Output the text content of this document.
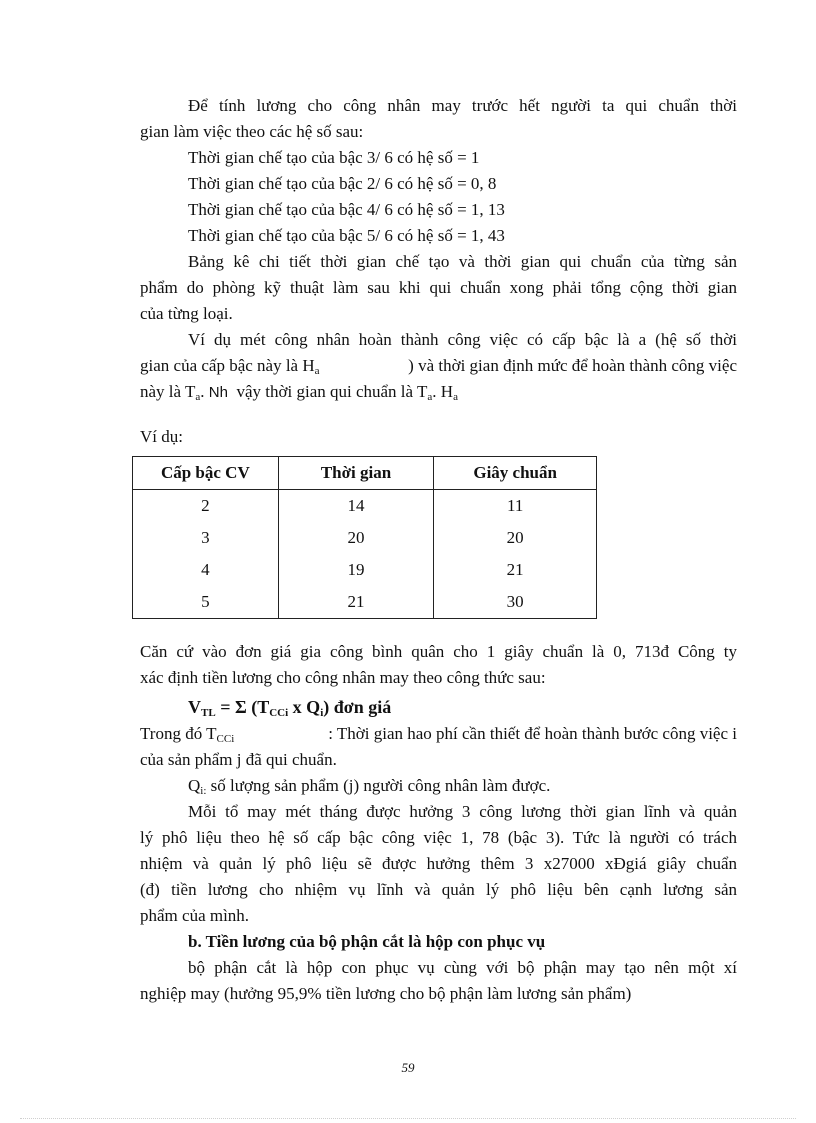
Để tính lương cho công nhân may trước hết người ta qui chuẩn thời
gian làm việc theo các hệ số sau:
Thời gian chế tạo của bậc 3/ 6 có hệ số = 1
Thời gian chế tạo của bậc 2/ 6 có hệ số = 0, 8
Thời gian chế tạo của bậc 4/ 6 có hệ số = 1, 13
Thời gian chế tạo của bậc 5/ 6 có hệ số = 1, 43
Bảng kê chi tiết thời gian chế tạo và thời gian qui chuẩn của từng sản
phẩm do phòng kỹ thuật làm sau khi qui chuẩn xong phải tổng cộng thời gian
của từng loại.
Ví dụ mét công nhân hoàn thành công việc có cấp bậc là a (hệ số thời
gian của cấp bậc này là $H_a$	) và thời gian định mức để hoàn thành công việc
này là $T_a$. Nh vậy thời gian qui chuẩn là $T_a$. $H_a$
Ví dụ:
Cấp bậc CV	Thời gian	Giây chuẩn
2	14	11
3	20	20
4	19	21
5	21	30
Căn cứ vào đơn giá gia công bình quân cho 1 giây chuẩn là 0, 713đ Công ty
xác định tiền lương cho công nhân may theo công thức sau:
$V_{TL} = \Sigma$ ($T_{CCi}$ x $Q_i$) đơn giá
Trong đó $T_{CCi}$	: Thời gian hao phí cần thiết để hoàn thành bước công việc i
của sản phẩm j đã qui chuẩn.
$Q_{i:}$ số lượng sản phẩm (j) người công nhân làm được.
Mỗi tổ may mét tháng được hưởng 3 công lương thời gian lĩnh và quản
lý phô liệu theo hệ số cấp bậc công việc 1, 78 (bậc 3). Tức là người có trách
nhiệm và quản lý phô liệu sẽ được hưởng thêm 3 x27000 xĐgiá giây chuẩn
(đ) tiền lương cho nhiệm vụ lĩnh và quản lý phô liệu bên cạnh lương sản
phẩm của mình.
b. Tiền lương của bộ phận cắt là hộp con phục vụ
bộ phận cắt là hộp con phục vụ cùng với bộ phận may tạo nên một xí
nghiệp may (hưởng 95,9% tiền lương cho bộ phận làm lương sản phẩm)
59
